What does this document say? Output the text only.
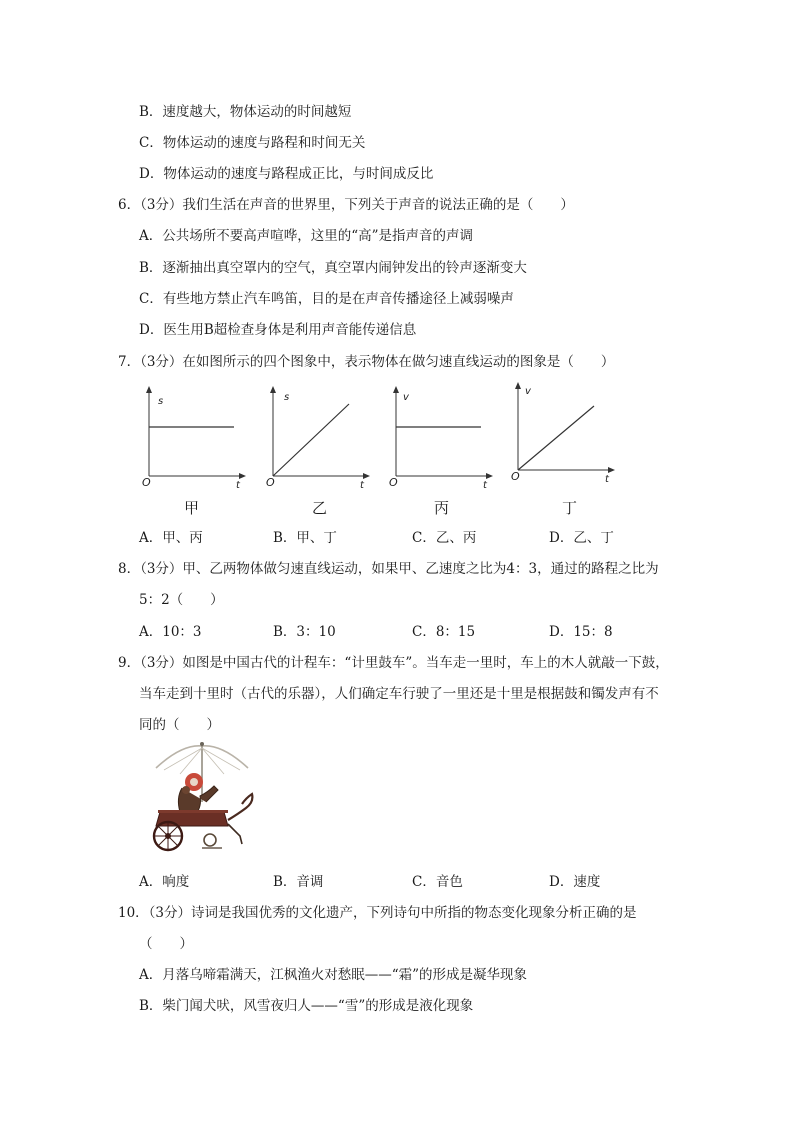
B．速度越大，物体运动的时间越短
C．物体运动的速度与路程和时间无关
D．物体运动的速度与路程成正比，与时间成反比
6．（3分）我们生活在声音的世界里，下列关于声音的说法正确的是（　　）
A．公共场所不要高声喧哗，这里的“高”是指声音的声调
B．逐渐抽出真空罩内的空气，真空罩内闹钟发出的铃声逐渐变大
C．有些地方禁止汽车鸣笛，目的是在声音传播途径上减弱噪声
D．医生用B超检查身体是利用声音能传递信息
7．（3分）在如图所示的四个图象中，表示物体在做匀速直线运动的图象是（　　）
s
t
O
甲
s
t
O
乙
v
t
O
丙
v
t
O
丁
A．甲、丙	B．甲、丁	C．乙、丙	D．乙、丁
8．（3分）甲、乙两物体做匀速直线运动，如果甲、乙速度之比为4：3，通过的路程之比为
5：2（　　）
A．10：3	B．3：10	C．8：15	D．15：8
9．（3分）如图是中国古代的计程车：“计里鼓车”。当车走一里时，车上的木人就敲一下鼓，
当车走到十里时（古代的乐器），人们确定车行驶了一里还是十里是根据鼓和镯发声有不
同的（　　）
A．响度	B．音调	C．音色	D．速度
10．（3分）诗词是我国优秀的文化遗产，下列诗句中所指的物态变化现象分析正确的是
（　　）
A．月落乌啼霜满天，江枫渔火对愁眠——“霜”的形成是凝华现象
B．柴门闻犬吠，风雪夜归人——“雪”的形成是液化现象
